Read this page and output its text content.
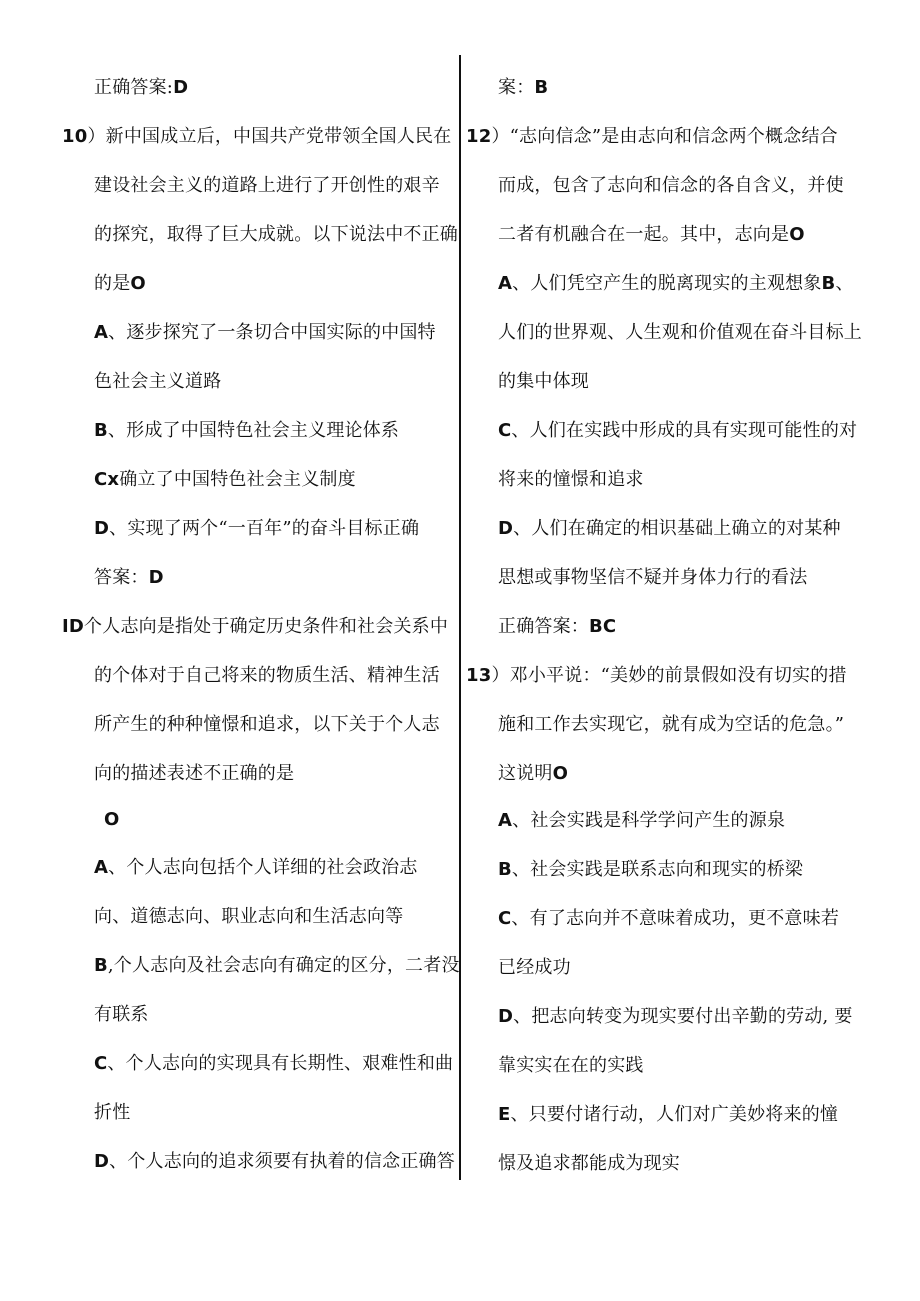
正确答案:D
10）新中国成立后，中国共产党带领全国人民在
建设社会主义的道路上进行了开创性的艰辛
的探究，取得了巨大成就。以下说法中不正确
的是O
A、逐步探究了一条切合中国实际的中国特
色社会主义道路
B、形成了中国特色社会主义理论体系
Cx确立了中国特色社会主义制度
D、实现了两个“一百年”的奋斗目标正确
答案：D
ID个人志向是指处于确定历史条件和社会关系中
的个体对于自己将来的物质生活、精神生活
所产生的种种憧憬和追求，以下关于个人志
向的描述表述不正确的是
O
A、个人志向包括个人详细的社会政治志
向、道德志向、职业志向和生活志向等
B,个人志向及社会志向有确定的区分，二者没
有联系
C、个人志向的实现具有长期性、艰难性和曲
折性
D、个人志向的追求须要有执着的信念正确答
案：B
12）“志向信念”是由志向和信念两个概念结合
而成，包含了志向和信念的各自含义，并使
二者有机融合在一起。其中，志向是O
A、人们凭空产生的脱离现实的主观想象B、
人们的世界观、人生观和价值观在奋斗目标上
的集中体现
C、人们在实践中形成的具有实现可能性的对
将来的憧憬和追求
D、人们在确定的相识基础上确立的对某种
思想或事物坚信不疑并身体力行的看法
正确答案：BC
13）邓小平说：“美妙的前景假如没有切实的措
施和工作去实现它，就有成为空话的危急。”
这说明O
A、社会实践是科学学问产生的源泉
B、社会实践是联系志向和现实的桥梁
C、有了志向并不意味着成功，更不意味若
已经成功
D、把志向转变为现实要付出辛勤的劳动, 要
靠实实在在的实践
E、只要付诸行动，人们对广美妙将来的憧
憬及追求都能成为现实
